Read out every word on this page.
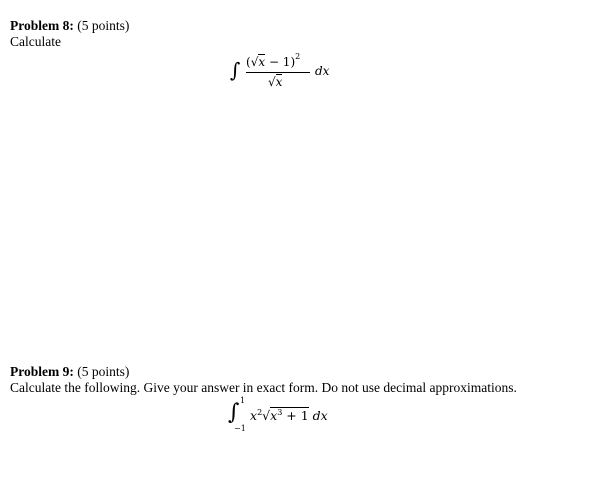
Problem 8: (5 points)
Calculate
∫ $(√x - 1)^2$
√x
dx
Problem 9: (5 points)
Calculate the following. Give your answer in exact form. Do not use decimal approximations.
∫ 1
−1
$x^2√x^3 + 1$ dx
